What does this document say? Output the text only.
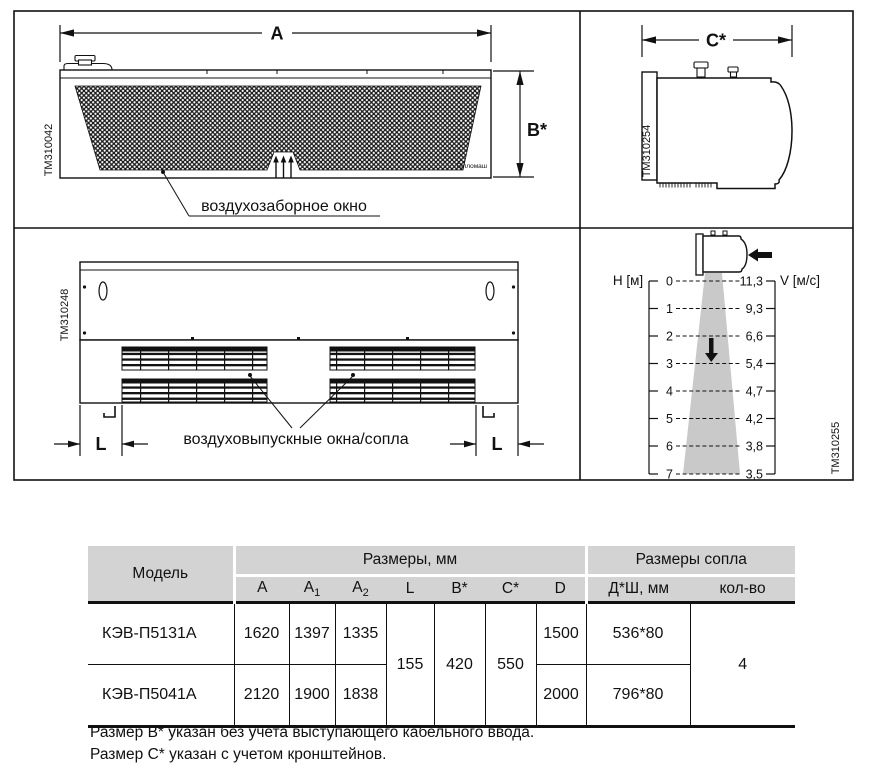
A
Тепломаш
B*
воздухозаборное окно
TM310042
C*
TM310254
воздуховыпускные окна/сопла
L	L
TM310248
H [м]	V [м/с]
0
1
2
3
4
5
6
7
11,3
9,3
6,6
5,4
4,7
4,2
3,8
3,5
TM310255
Модель	Размеры, мм							Размеры сопла	
	A	$A_1$	$A_2$	L	B*	C*	D	Д*Ш, мм	кол-во
КЭВ-П5131А	1620	1397	1335	155	420	550	1500	536*80	4
КЭВ-П5041А	2120	1900	1838				2000	796*80	
Размер B* указан без учета выступающего кабельного ввода.
Размер C* указан с учетом кронштейнов.
